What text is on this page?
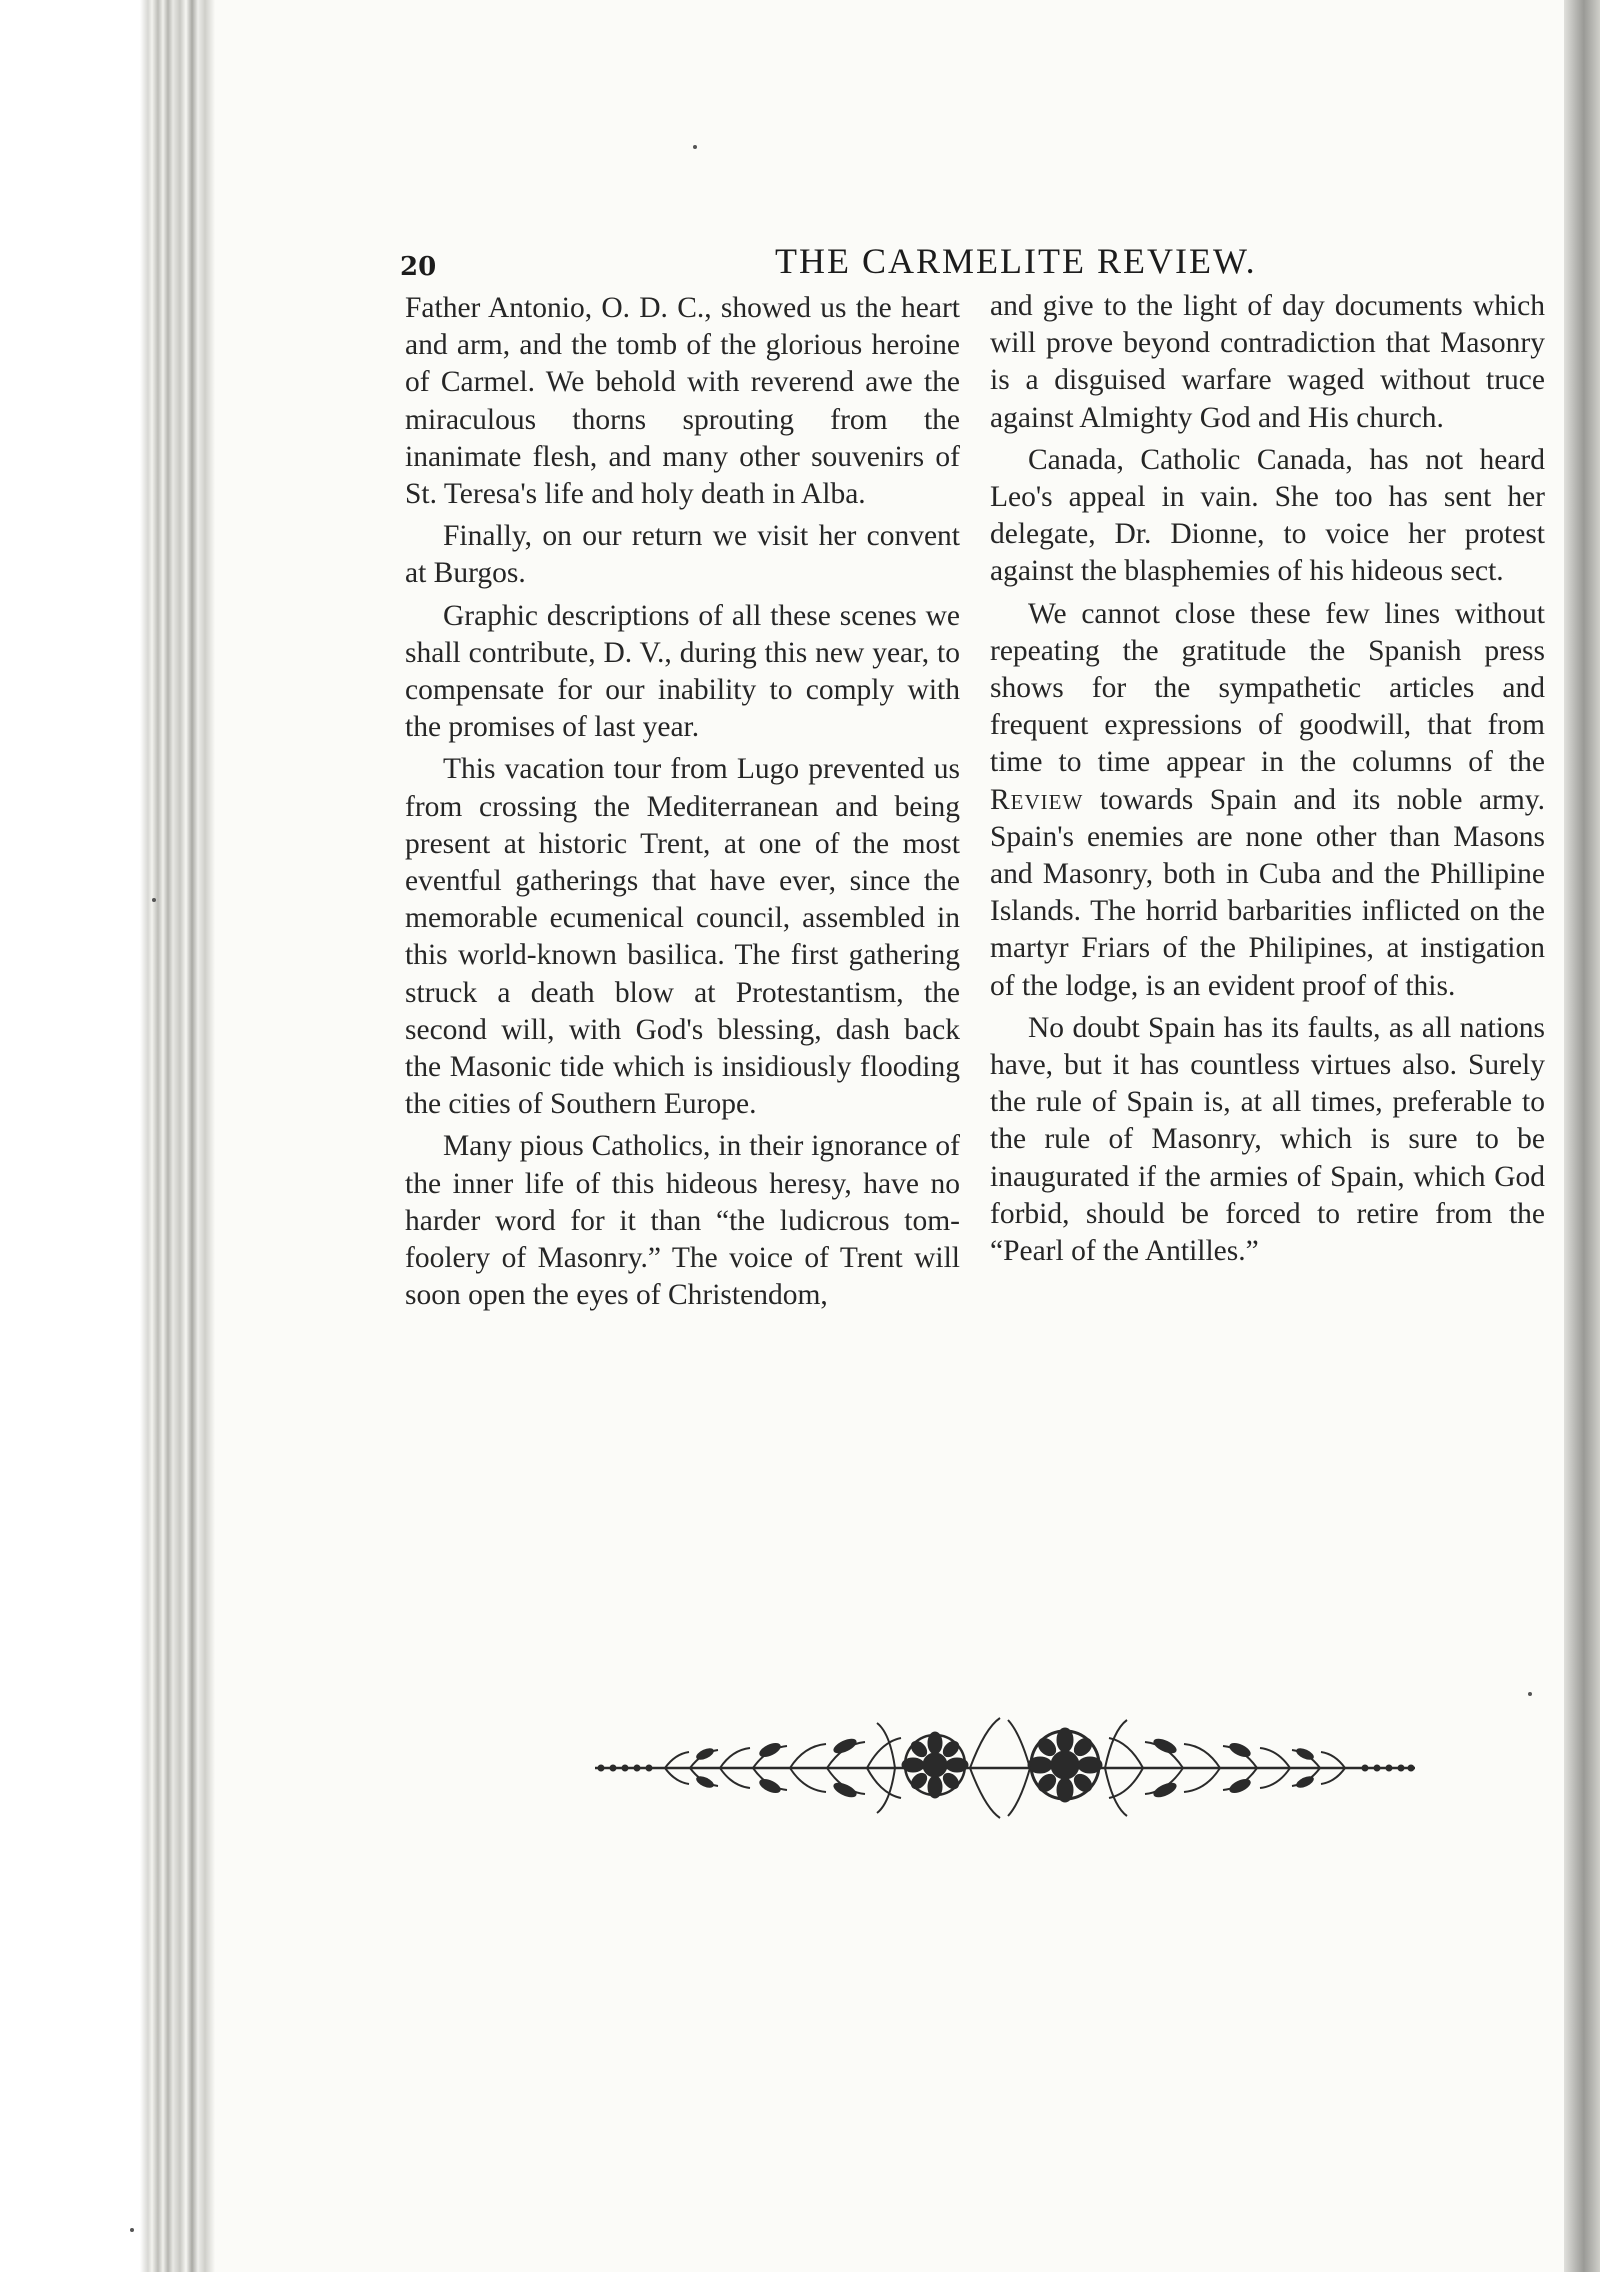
20	THE CARMELITE REVIEW.

Father Antonio, O. D. C., showed us the heart and arm, and the tomb of the glorious heroine of Carmel. We behold with reverend awe the miraculous thorns sprouting from the inanimate flesh, and many other souvenirs of St. Teresa's life and holy death in Alba.

Finally, on our return we visit her convent at Burgos.

Graphic descriptions of all these scenes we shall contribute, D. V., during this new year, to compensate for our inability to comply with the promises of last year.

This vacation tour from Lugo prevented us from crossing the Mediterranean and being present at historic Trent, at one of the most eventful gatherings that have ever, since the memorable ecumenical council, assembled in this world-known basilica. The first gathering struck a death blow at Protestantism, the second will, with God's blessing, dash back the Masonic tide which is insidiously flooding the cities of Southern Europe.

Many pious Catholics, in their ignorance of the inner life of this hideous heresy, have no harder word for it than “the ludicrous tom-foolery of Masonry.” The voice of Trent will soon open the eyes of Christendom,

and give to the light of day documents which will prove beyond contradiction that Masonry is a disguised warfare waged without truce against Almighty God and His church.

Canada, Catholic Canada, has not heard Leo's appeal in vain. She too has sent her delegate, Dr. Dionne, to voice her protest against the blasphemies of his hideous sect.

We cannot close these few lines without repeating the gratitude the Spanish press shows for the sympathetic articles and frequent expressions of goodwill, that from time to time appear in the columns of the Review towards Spain and its noble army. Spain's enemies are none other than Masons and Masonry, both in Cuba and the Phillipine Islands. The horrid barbarities inflicted on the martyr Friars of the Philipines, at instigation of the lodge, is an evident proof of this.

No doubt Spain has its faults, as all nations have, but it has countless virtues also. Surely the rule of Spain is, at all times, preferable to the rule of Masonry, which is sure to be inaugurated if the armies of Spain, which God forbid, should be forced to retire from the “Pearl of the Antilles.”
